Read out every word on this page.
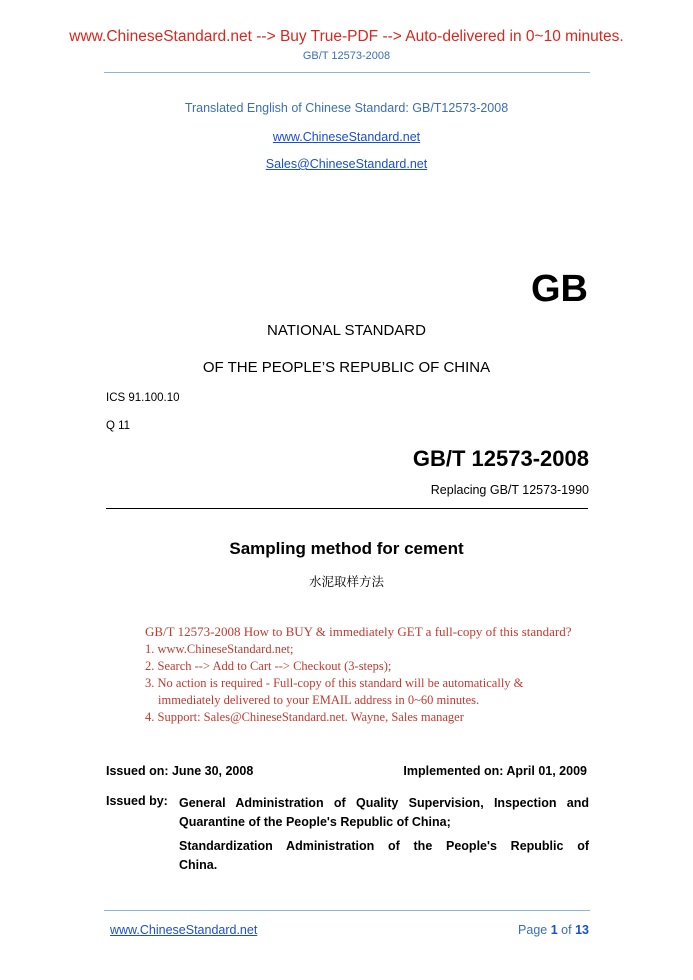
www.ChineseStandard.net --> Buy True-PDF --> Auto-delivered in 0~10 minutes.
GB/T 12573-2008
Translated English of Chinese Standard: GB/T12573-2008
www.ChineseStandard.net
Sales@ChineseStandard.net
GB
NATIONAL STANDARD
OF THE PEOPLE’S REPUBLIC OF CHINA
ICS 91.100.10
Q 11
GB/T 12573-2008
Replacing GB/T 12573-1990
Sampling method for cement
水泥取样方法
GB/T 12573-2008 How to BUY & immediately GET a full-copy of this standard?
1. www.ChineseStandard.net;
2. Search --> Add to Cart --> Checkout (3-steps);
3. No action is required - Full-copy of this standard will be automatically &
immediately delivered to your EMAIL address in 0~60 minutes.
4. Support: Sales@ChineseStandard.net. Wayne, Sales manager
Issued on: June 30, 2008	Implemented on: April 01, 2009
Issued by: General Administration of Quality Supervision, Inspection and
Quarantine of the People's Republic of China;
Standardization Administration of the People's Republic of
China.
www.ChineseStandard.net	Page 1 of 13
